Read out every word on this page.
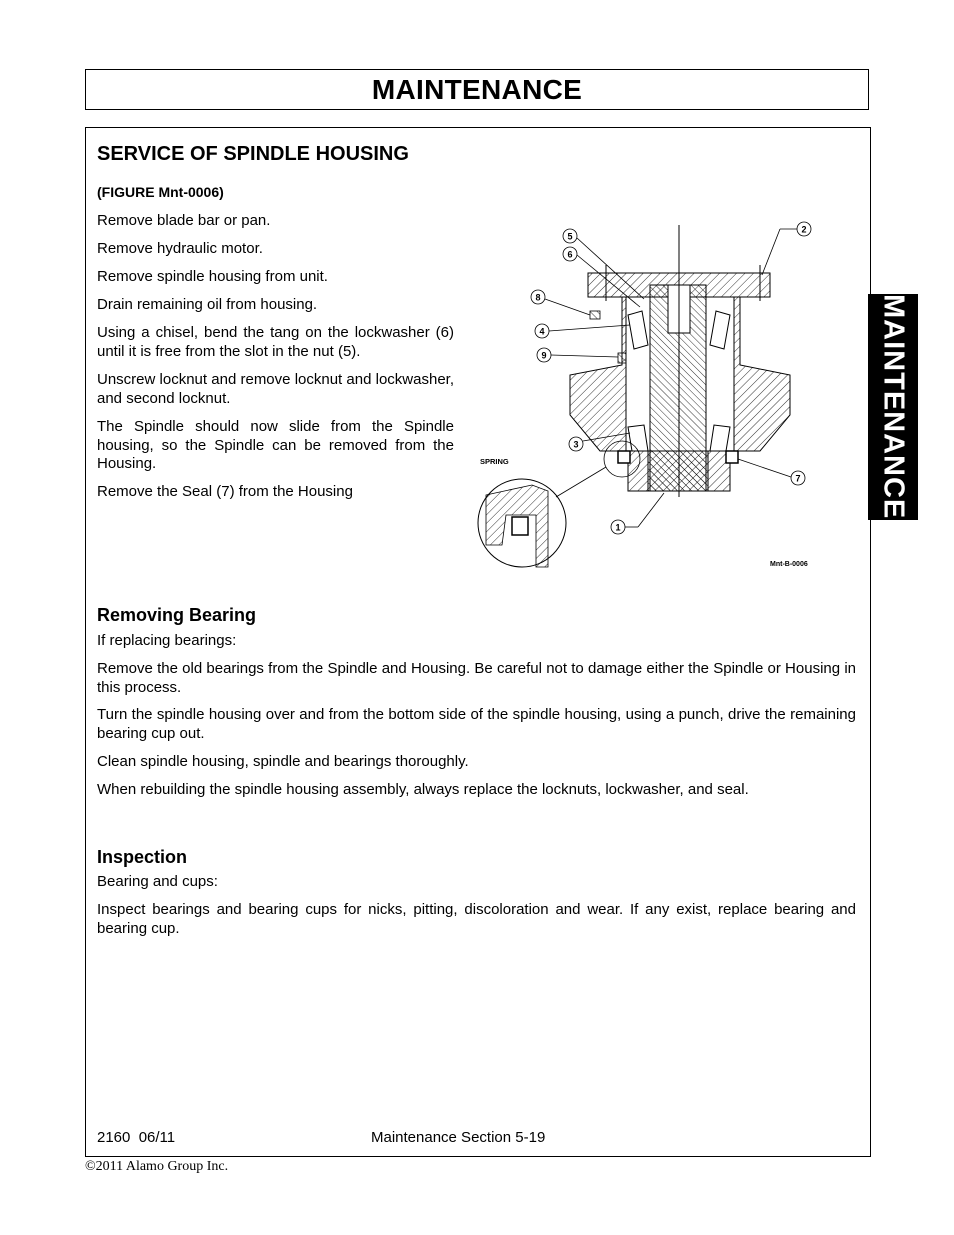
MAINTENANCE
MAINTENANCE
SERVICE OF SPINDLE HOUSING
(FIGURE Mnt-0006)

Remove blade bar or pan.

Remove hydraulic motor.

Remove spindle housing from unit.

Drain remaining oil from housing.

Using a chisel, bend the tang on the lockwasher (6) until it is free from the slot in the nut (5).

Unscrew locknut and remove locknut and lockwasher, and second locknut.

The Spindle should now slide from the Spindle housing, so the Spindle can be removed from the Housing.

Remove the Seal (7) from the Housing

5
6
2
8
4
9
3
7
1
SPRING
Mnt-B-0006
Removing Bearing

If replacing bearings:

Remove the old bearings from the Spindle and Housing. Be careful not to damage either the Spindle or Housing in this process.

Turn the spindle housing over and from the bottom side of the spindle housing, using a punch, drive the remaining bearing cup out.

Clean spindle housing, spindle and bearings thoroughly.

When rebuilding the spindle housing assembly, always replace the locknuts, lockwasher, and seal.

Inspection

Bearing and cups:

Inspect bearings and bearing cups for nicks, pitting, discoloration and wear. If any exist, replace bearing and bearing cup.

2160  06/11	Maintenance Section 5-19
©2011 Alamo Group Inc.
